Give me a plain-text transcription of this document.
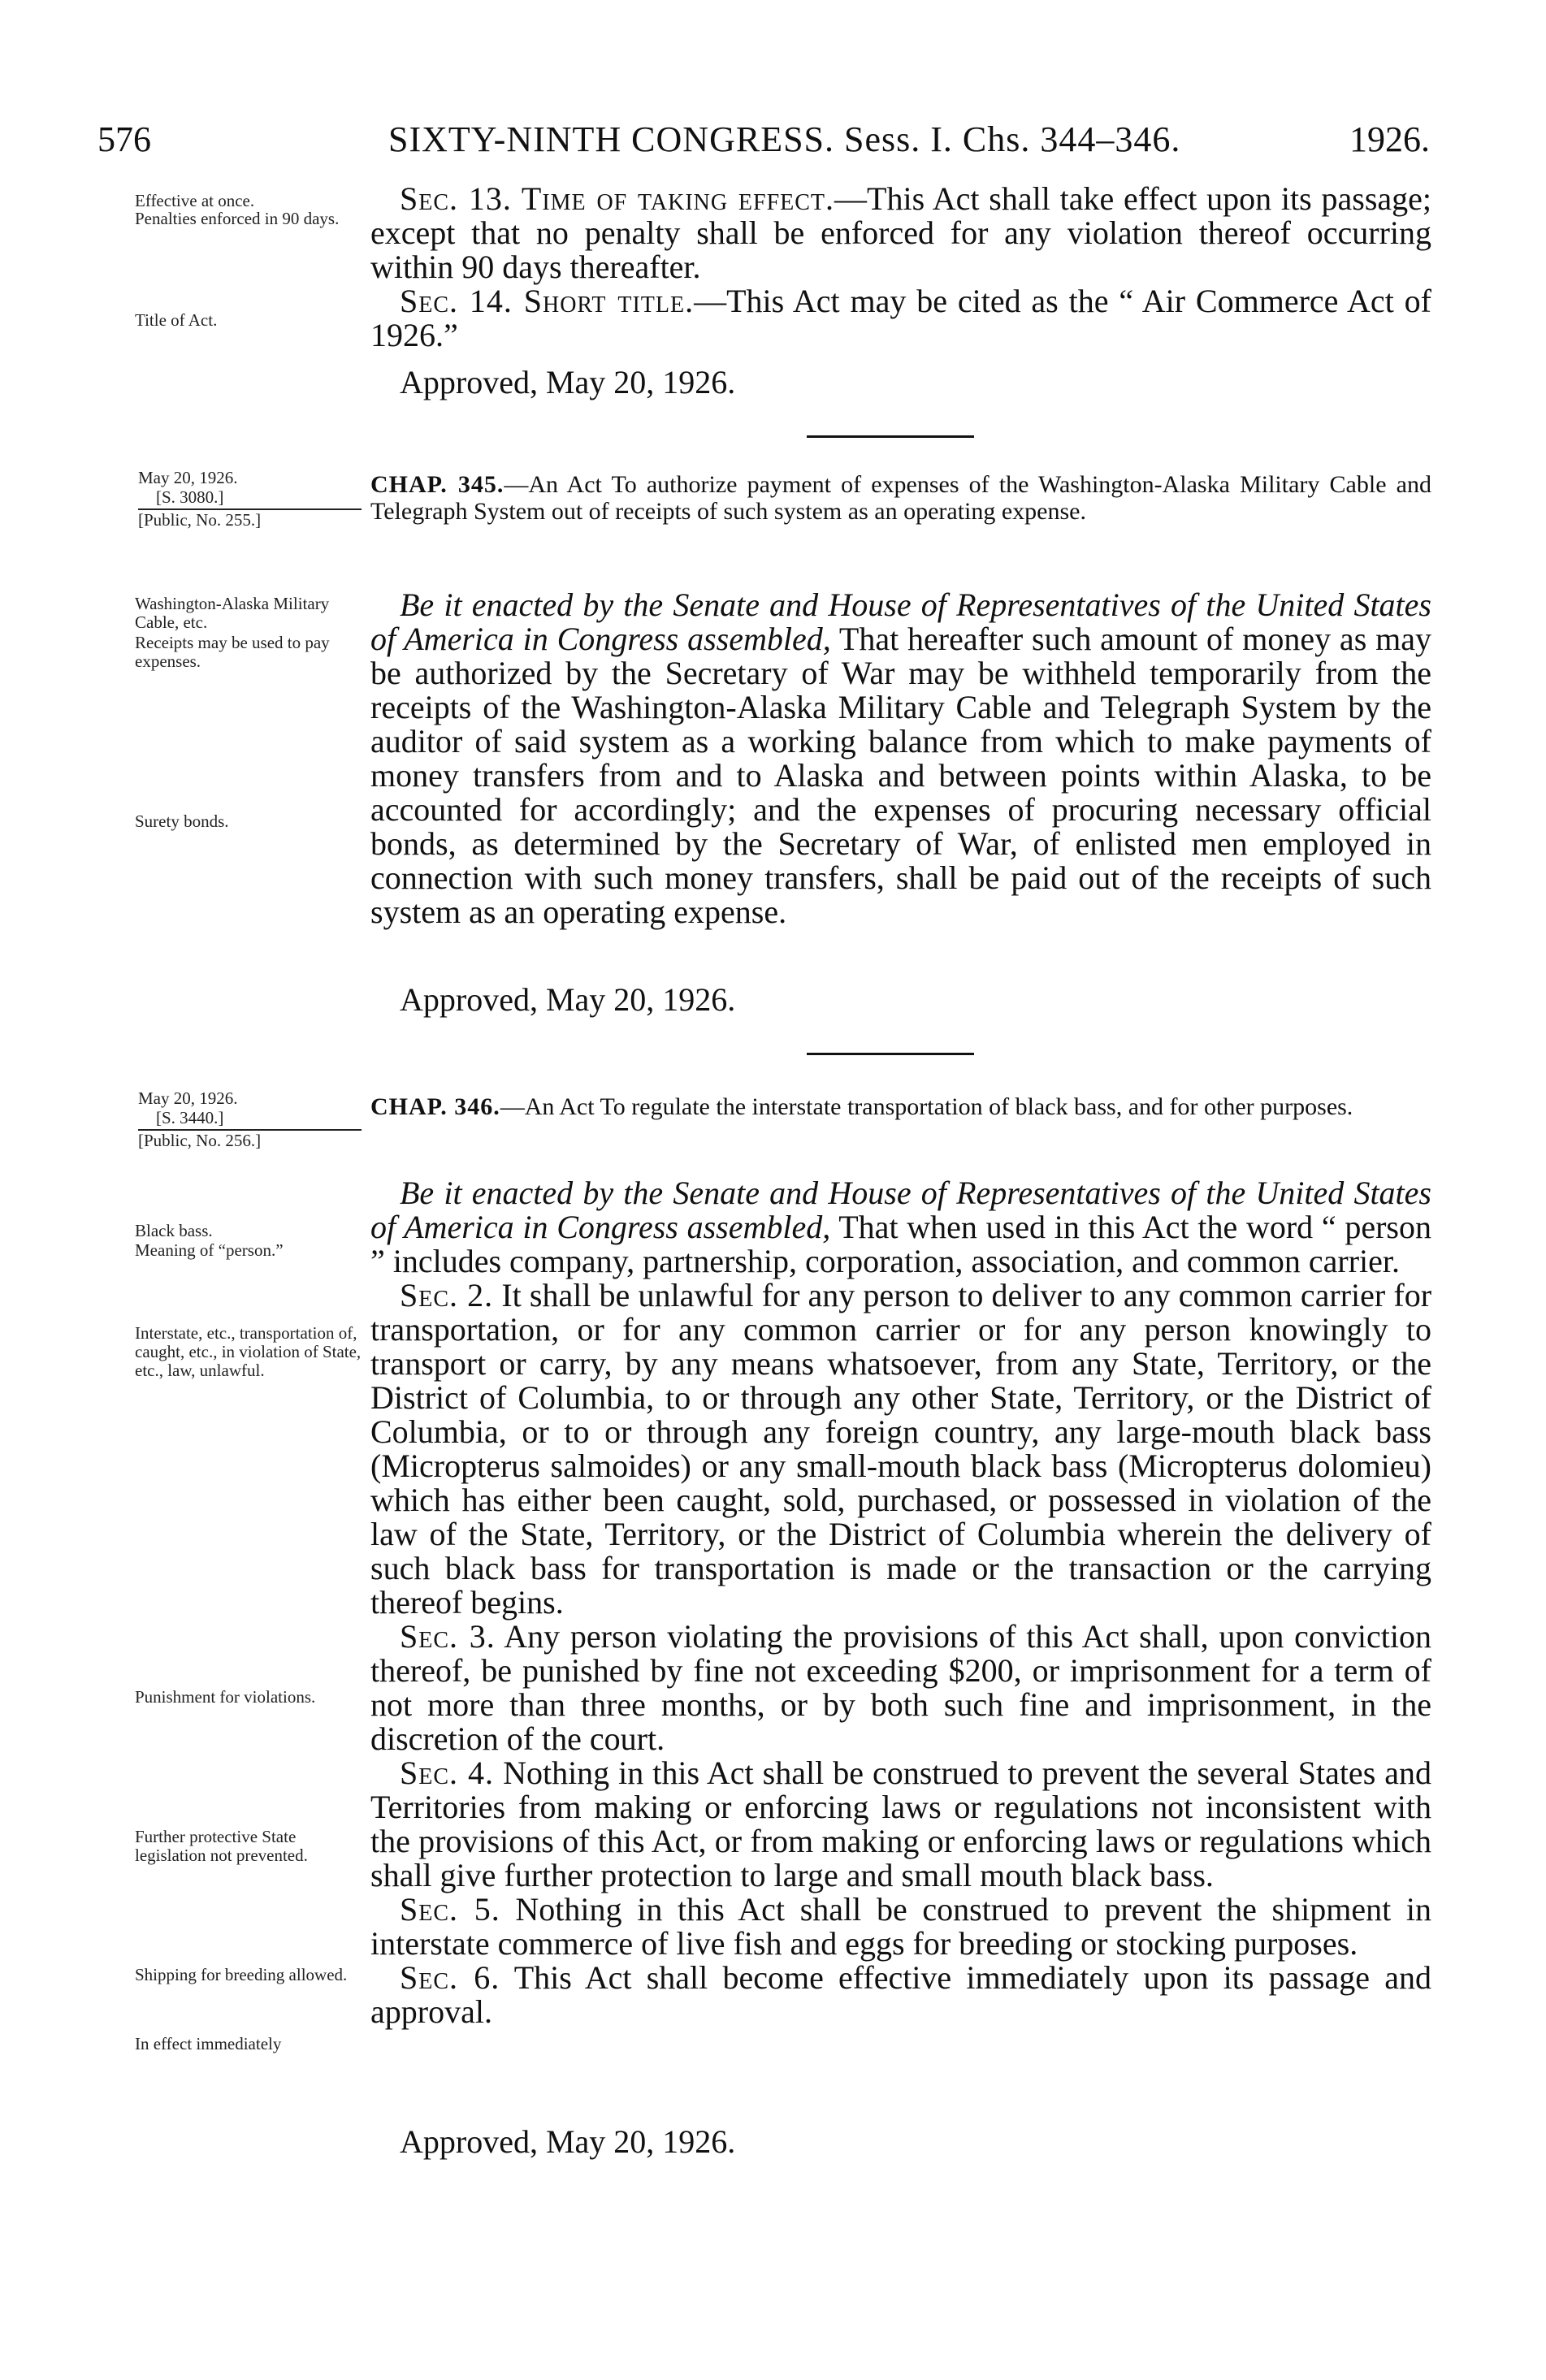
576	SIXTY-NINTH CONGRESS. Sess. I. Chs. 344–346.	1926.
Effective at once.
Penalties enforced in 90 days.
Title of Act.

Sec. 13. Time of taking effect.—This Act shall take effect upon its passage; except that no penalty shall be enforced for any violation thereof occurring within 90 days thereafter.

Sec. 14. Short title.—This Act may be cited as the “ Air Commerce Act of 1926.”

Approved, May 20, 1926.
May 20, 1926.
[S. 3080.]
[Public, No. 255.]
CHAP. 345.—An Act To authorize payment of expenses of the Washington-Alaska Military Cable and Telegraph System out of receipts of such system as an operating expense.
Washington-Alaska Military Cable, etc.
Receipts may be used to pay expenses.
Surety bonds.

Be it enacted by the Senate and House of Representatives of the United States of America in Congress assembled, That hereafter such amount of money as may be authorized by the Secretary of War may be withheld temporarily from the receipts of the Washington-Alaska Military Cable and Telegraph System by the auditor of said system as a working balance from which to make payments of money transfers from and to Alaska and between points within Alaska, to be accounted for accordingly; and the expenses of procuring necessary official bonds, as determined by the Secretary of War, of enlisted men employed in connection with such money transfers, shall be paid out of the receipts of such system as an operating expense.

Approved, May 20, 1926.
May 20, 1926.
[S. 3440.]
[Public, No. 256.]
CHAP. 346.—An Act To regulate the interstate transportation of black bass, and for other purposes.
Black bass.
Meaning of “person.”
Interstate, etc., transportation of, caught, etc., in violation of State, etc., law, unlawful.
Punishment for violations.
Further protective State legislation not prevented.
Shipping for breeding allowed.
In effect immediately

Be it enacted by the Senate and House of Representatives of the United States of America in Congress assembled, That when used in this Act the word “ person ” includes company, partnership, corporation, association, and common carrier.

Sec. 2. It shall be unlawful for any person to deliver to any common carrier for transportation, or for any common carrier or for any person knowingly to transport or carry, by any means whatsoever, from any State, Territory, or the District of Columbia, to or through any other State, Territory, or the District of Columbia, or to or through any foreign country, any large-mouth black bass (Micropterus salmoides) or any small-mouth black bass (Micropterus dolomieu) which has either been caught, sold, purchased, or possessed in violation of the law of the State, Territory, or the District of Columbia wherein the delivery of such black bass for transportation is made or the transaction or the carrying thereof begins.

Sec. 3. Any person violating the provisions of this Act shall, upon conviction thereof, be punished by fine not exceeding $200, or imprisonment for a term of not more than three months, or by both such fine and imprisonment, in the discretion of the court.

Sec. 4. Nothing in this Act shall be construed to prevent the several States and Territories from making or enforcing laws or regulations not inconsistent with the provisions of this Act, or from making or enforcing laws or regulations which shall give further protection to large and small mouth black bass.

Sec. 5. Nothing in this Act shall be construed to prevent the shipment in interstate commerce of live fish and eggs for breeding or stocking purposes.

Sec. 6. This Act shall become effective immediately upon its passage and approval.

Approved, May 20, 1926.
